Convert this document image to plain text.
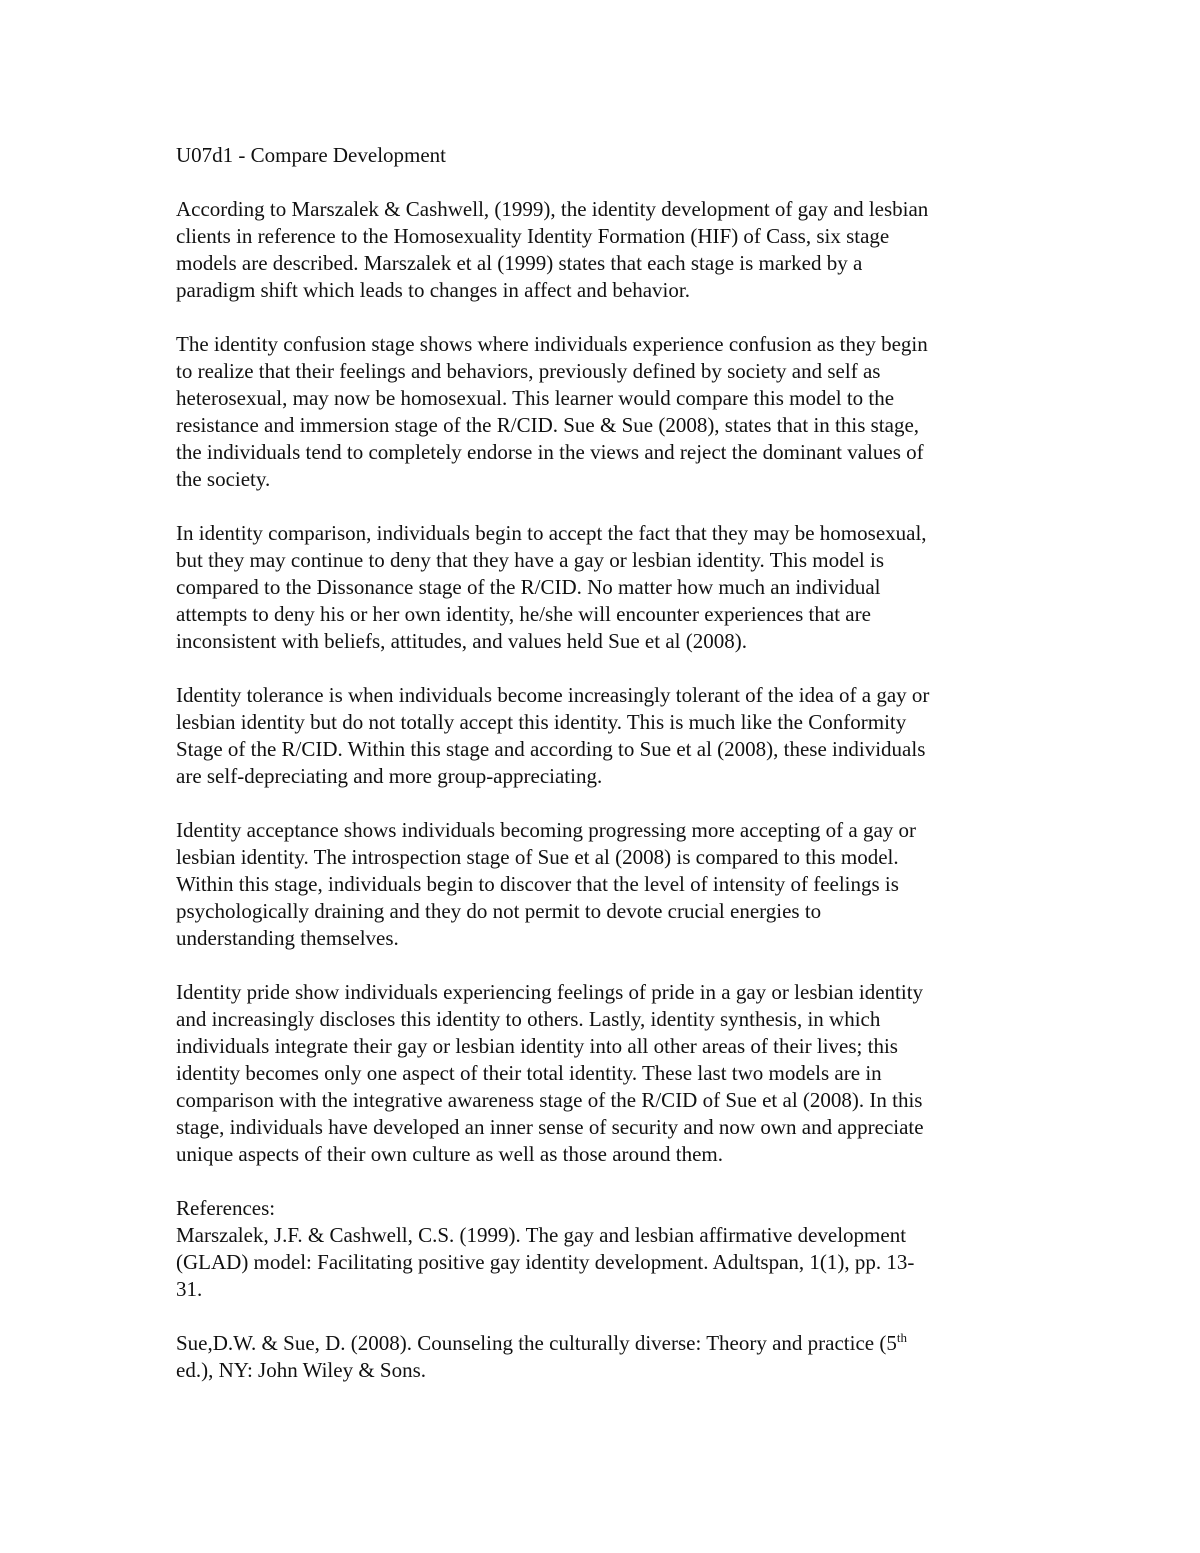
U07d1 - Compare Development

According to Marszalek & Cashwell, (1999), the identity development of gay and lesbian
clients in reference to the Homosexuality Identity Formation (HIF) of Cass, six stage
models are described. Marszalek et al (1999) states that each stage is marked by a
paradigm shift which leads to changes in affect and behavior.

The identity confusion stage shows where individuals experience confusion as they begin
to realize that their feelings and behaviors, previously defined by society and self as
heterosexual, may now be homosexual. This learner would compare this model to the
resistance and immersion stage of the R/CID. Sue & Sue (2008), states that in this stage,
the individuals tend to completely endorse in the views and reject the dominant values of
the society.

In identity comparison, individuals begin to accept the fact that they may be homosexual,
but they may continue to deny that they have a gay or lesbian identity. This model is
compared to the Dissonance stage of the R/CID. No matter how much an individual
attempts to deny his or her own identity, he/she will encounter experiences that are
inconsistent with beliefs, attitudes, and values held Sue et al (2008).

Identity tolerance is when individuals become increasingly tolerant of the idea of a gay or
lesbian identity but do not totally accept this identity. This is much like the Conformity
Stage of the R/CID. Within this stage and according to Sue et al (2008), these individuals
are self-depreciating and more group-appreciating.

Identity acceptance shows individuals becoming progressing more accepting of a gay or
lesbian identity. The introspection stage of Sue et al (2008) is compared to this model.
Within this stage, individuals begin to discover that the level of intensity of feelings is
psychologically draining and they do not permit to devote crucial energies to
understanding themselves.

Identity pride show individuals experiencing feelings of pride in a gay or lesbian identity
and increasingly discloses this identity to others. Lastly, identity synthesis, in which
individuals integrate their gay or lesbian identity into all other areas of their lives; this
identity becomes only one aspect of their total identity. These last two models are in
comparison with the integrative awareness stage of the R/CID of Sue et al (2008). In this
stage, individuals have developed an inner sense of security and now own and appreciate
unique aspects of their own culture as well as those around them.

References:

Marszalek, J.F. & Cashwell, C.S. (1999). The gay and lesbian affirmative development
(GLAD) model: Facilitating positive gay identity development. Adultspan, 1(1), pp. 13-
31.

Sue,D.W. & Sue, D. (2008). Counseling the culturally diverse: Theory and practice (5th
ed.), NY: John Wiley & Sons.
